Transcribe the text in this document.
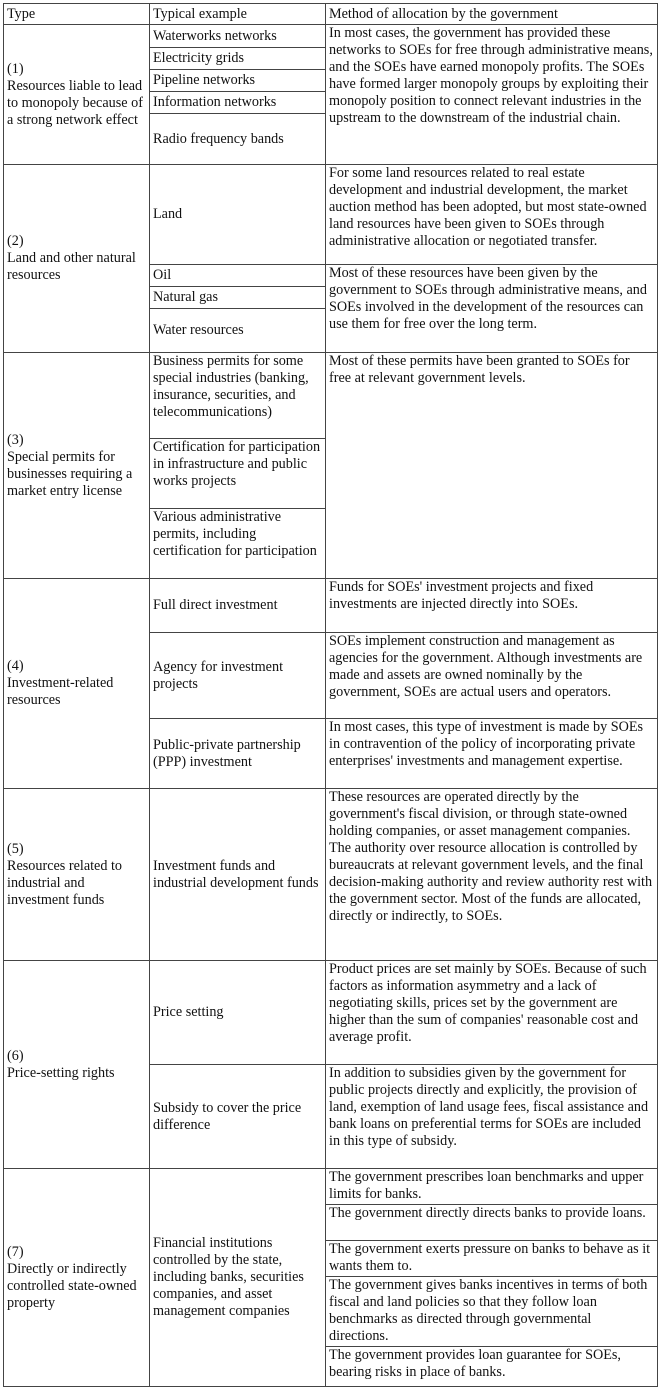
Type	Typical example	Method of allocation by the government
(1)
Resources liable to lead to monopoly because of a strong network effect	Waterworks networks	In most cases, the government has provided these networks to SOEs for free through administrative means, and the SOEs have earned monopoly profits. The SOEs have formed larger monopoly groups by exploiting their monopoly position to connect relevant industries in the upstream to the downstream of the industrial chain.
	Electricity grids	
	Pipeline networks	
	Information networks	
	Radio frequency bands	
(2)
Land and other natural resources	Land	For some land resources related to real estate development and industrial development, the market auction method has been adopted, but most state-owned land resources have been given to SOEs through administrative allocation or negotiated transfer.
	Oil	Most of these resources have been given by the government to SOEs through administrative means, and SOEs involved in the development of the resources can use them for free over the long term.
	Natural gas	
	Water resources	
(3)
Special permits for businesses requiring a market entry license	Business permits for some special industries (banking, insurance, securities, and telecommunications)	Most of these permits have been granted to SOEs for free at relevant government levels.
	Certification for participation in infrastructure and public works projects	
	Various administrative permits, including certification for participation	
(4)
Investment-related resources	Full direct investment	Funds for SOEs' investment projects and fixed investments are injected directly into SOEs.
	Agency for investment projects	SOEs implement construction and management as agencies for the government. Although investments are made and assets are owned nominally by the government, SOEs are actual users and operators.
	Public-private partnership (PPP) investment	In most cases, this type of investment is made by SOEs in contravention of the policy of incorporating private enterprises' investments and management expertise.
(5)
Resources related to industrial and investment funds	Investment funds and industrial development funds	These resources are operated directly by the government's fiscal division, or through state-owned holding companies, or asset management companies. The authority over resource allocation is controlled by bureaucrats at relevant government levels, and the final decision-making authority and review authority rest with the government sector. Most of the funds are allocated, directly or indirectly, to SOEs.
(6)
Price-setting rights	Price setting	Product prices are set mainly by SOEs. Because of such factors as information asymmetry and a lack of negotiating skills, prices set by the government are higher than the sum of companies' reasonable cost and average profit.
	Subsidy to cover the price difference	In addition to subsidies given by the government for public projects directly and explicitly, the provision of land, exemption of land usage fees, fiscal assistance and bank loans on preferential terms for SOEs are included in this type of subsidy.
(7)
Directly or indirectly controlled state-owned property	Financial institutions controlled by the state, including banks, securities companies, and asset management companies	The government prescribes loan benchmarks and upper limits for banks.
		The government directly directs banks to provide loans.
		The government exerts pressure on banks to behave as it wants them to.
		The government gives banks incentives in terms of both fiscal and land policies so that they follow loan benchmarks as directed through governmental directions.
		The government provides loan guarantee for SOEs, bearing risks in place of banks.
